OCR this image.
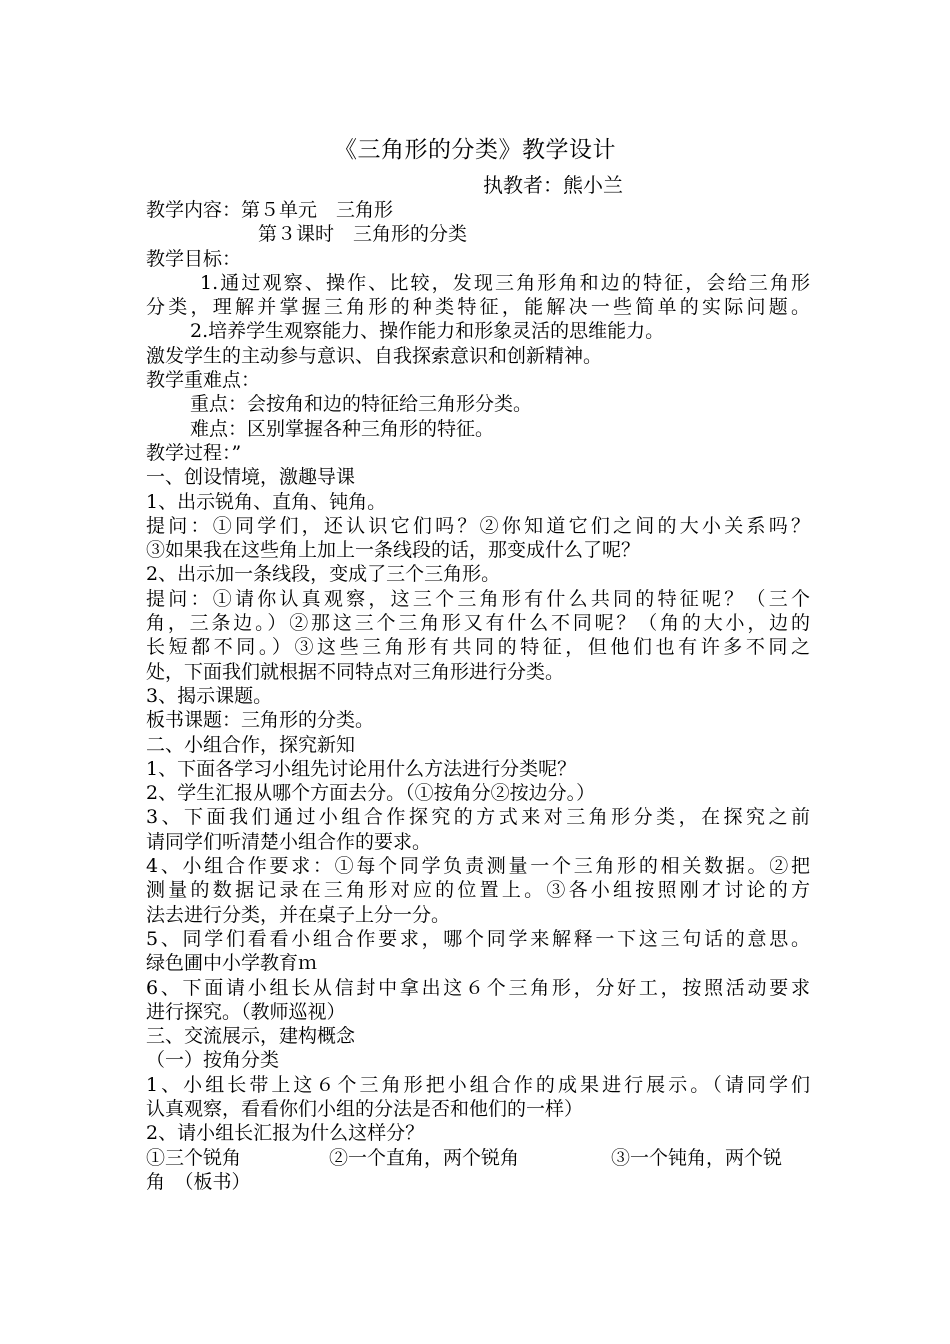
《三角形的分类》教学设计
执教者：熊小兰
教学内容：第５单元　三角形
第３课时　三角形的分类
教学目标：
1.通过观察、操作、比较，发现三角形角和边的特征，会给三角形
分类，理解并掌握三角形的种类特征，能解决一些简单的实际问题。
2.培养学生观察能力、操作能力和形象灵活的思维能力。
激发学生的主动参与意识、自我探索意识和创新精神。
教学重难点：
重点：会按角和边的特征给三角形分类。
难点：区别掌握各种三角形的特征。
教学过程：”
一、创设情境，激趣导课
1、出示锐角、直角、钝角。
提问：①同学们，还认识它们吗？②你知道它们之间的大小关系吗？
③如果我在这些角上加上一条线段的话，那变成什么了呢？
2、出示加一条线段，变成了三个三角形。
提问：①请你认真观察，这三个三角形有什么共同的特征呢？（三个
角，三条边。）②那这三个三角形又有什么不同呢？（角的大小，边的
长短都不同。）③这些三角形有共同的特征，但他们也有许多不同之
处，下面我们就根据不同特点对三角形进行分类。
3、揭示课题。
板书课题：三角形的分类。
二、小组合作，探究新知
1、下面各学习小组先讨论用什么方法进行分类呢？
2、学生汇报从哪个方面去分。（①按角分②按边分。）
3、下面我们通过小组合作探究的方式来对三角形分类，在探究之前
请同学们听清楚小组合作的要求。
4、小组合作要求：①每个同学负责测量一个三角形的相关数据。②把
测量的数据记录在三角形对应的位置上。③各小组按照刚才讨论的方
法去进行分类，并在桌子上分一分。
5、同学们看看小组合作要求，哪个同学来解释一下这三句话的意思。
绿色圃中小学教育ｍ
6、下面请小组长从信封中拿出这６个三角形，分好工，按照活动要求
进行探究。（教师巡视）
三、交流展示，建构概念
（一）按角分类
1、小组长带上这６个三角形把小组合作的成果进行展示。（请同学们
认真观察，看看你们小组的分法是否和他们的一样）
2、请小组长汇报为什么这样分？
①三个锐角	②一个直角，两个锐角	③一个钝角，两个锐
角　（板书）
